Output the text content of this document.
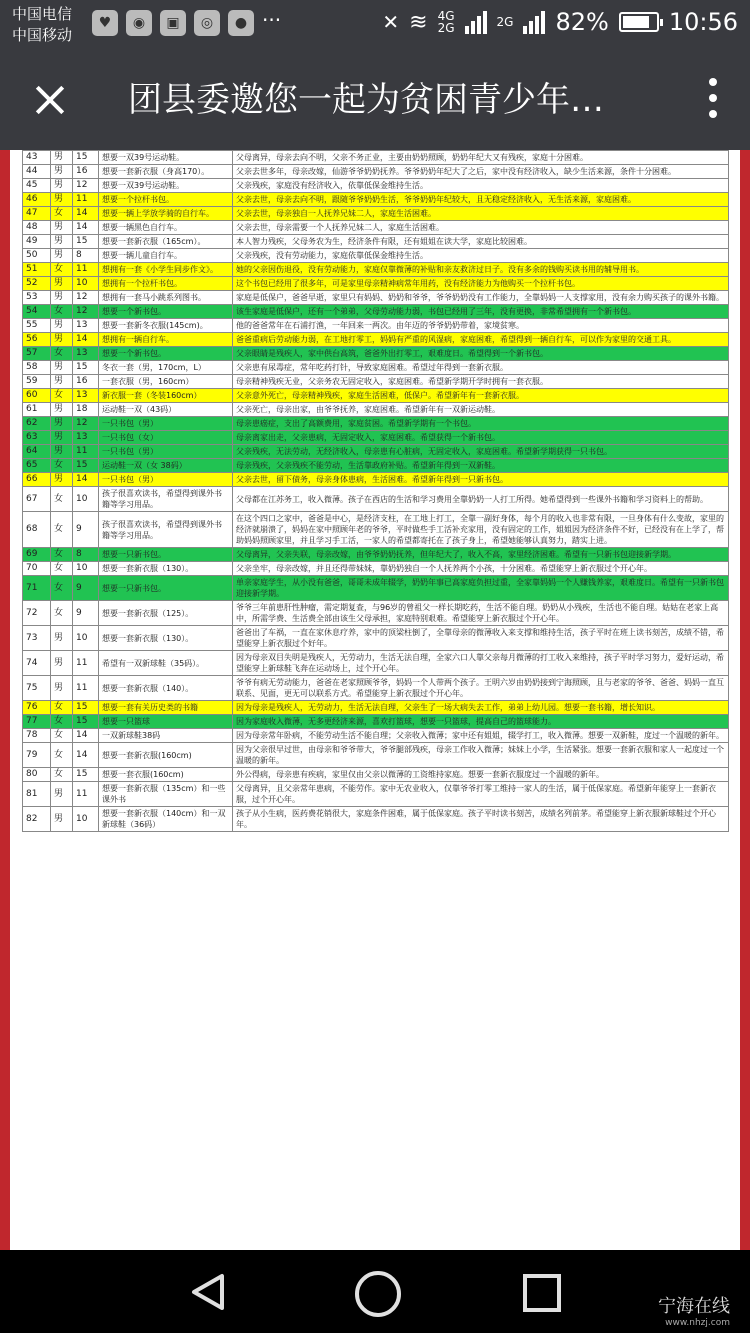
中国电信
中国移动
♥	◉	▣	◎	● ···	✕ ≋ 4G
2G	2G 82%	10:56
团县委邀您一起为贫困青少年…
43	男	15	想要一双39号运动鞋。	父母离异，母亲去向不明，父亲不务正业，主要由奶奶照顾，奶奶年纪大又有残疾，家庭十分困难。
44	男	16	想要一套新衣服（身高170）。	父亲去世多年，母亲改嫁，仙游爷爷奶奶抚养。爷爷奶奶年纪大了之后，家中没有经济收入，缺少生活来源，条件十分困难。
45	男	12	想要一双39号运动鞋。	父亲残疾，家庭没有经济收入，依靠低保金维持生活。
46	男	11	想要一个拉杆书包。	父亲去世，母亲去向不明，跟随爷爷奶奶生活，爷爷奶奶年纪较大，且无稳定经济收入，无生活来源，家庭困难。
47	女	14	想要一辆上学放学骑的自行车。	父亲去世，母亲独自一人抚养兄妹二人，家庭生活困难。
48	男	14	想要一辆黑色自行车。	父亲去世，母亲需要一个人抚养兄妹二人，家庭生活困难。
49	男	15	想要一套新衣服（165cm）。	本人智力残疾，父母务农为生，经济条件有限，还有姐姐在读大学，家庭比较困难。
50	男	8	想要一辆儿童自行车。	父亲残疾，没有劳动能力，家庭依靠低保金维持生活。
51	女	11	想拥有一套《小学生同步作文》。	她的父亲因伤退役，没有劳动能力，家庭仅靠微薄的补贴和亲友救济过日子。没有多余的钱购买读书用的辅导用书。
52	男	10	想拥有一个拉杆书包。	这个书包已经用了很多年，可是家里母亲精神病常年用药，没有经济能力为他购买一个拉杆书包。
53	男	12	想拥有一套马小跳系列图书。	家庭是低保户，爸爸早逝，家里只有妈妈、奶奶和爷爷，爷爷奶奶没有工作能力，全靠妈妈一人支撑家用，没有余力购买孩子的课外书籍。
54	女	12	想要一个新书包。	该生家庭是低保户，还有一个弟弟，父母劳动能力弱，书包已经用了三年，没有更换，非常希望拥有一个新书包。
55	男	13	想要一套新冬衣服(145cm)。	他的爸爸常年在石浦打渔，一年回来一两次。由年迈的爷爷奶奶带着，家境贫寒。
56	男	14	想拥有一辆自行车。	爸爸重病后劳动能力弱，在工地打零工，妈妈有严重的风湿病，家庭困难，希望得到一辆自行车，可以作为家里的交通工具。
57	女	13	想要一个新书包。	父亲眼睛是残疾人，家中供台高筑，爸爸外出打零工，艰难度日。希望得到一个新书包。
58	男	15	冬衣一套（男，170cm，L）	父亲患有尿毒症，常年吃药打针，导致家庭困难。希望过年得到一套新衣服。
59	男	16	一套衣服（男，160cm）	母亲精神残疾无业，父亲务农无固定收入，家庭困难。希望新学期开学时拥有一套衣服。
60	女	13	新衣服一套（冬装160cm）	父亲意外死亡，母亲精神残疾，家庭生活困难，低保户。希望新年有一套新衣服。
61	男	18	运动鞋一双（43码）	父亲死亡，母亲出家，由爷爷抚养，家庭困难。希望新年有一双新运动鞋。
62	男	12	一只书包（男）	母亲患癌症，支出了高额费用，家庭贫困。希望新学期有一个书包。
63	男	13	一只书包（女）	母亲离家出走，父亲患病，无固定收入，家庭困难。希望获得一个新书包。
64	男	11	一只书包（男）	父亲残疾，无法劳动，无经济收入，母亲患有心脏病，无固定收入，家庭困难。希望新学期获得一只书包。
65	女	15	运动鞋一双（女 38码）	母亲残疾，父亲残疾不能劳动，生活靠政府补贴。希望新年得到一双新鞋。
66	男	14	一只书包（男）	父亲去世，留下债务，母亲身体患病，生活困难。希望新年得到一只新书包。
67	女	10	孩子很喜欢读书，希望得到课外书籍等学习用品。	父母都在江苏务工，收入微薄。孩子在西店的生活和学习费用全靠奶奶一人打工所得。她希望得到一些课外书籍和学习资料上的帮助。
68	女	9	孩子很喜欢读书，希望得到课外书籍等学习用品。	在这个四口之家中，爸爸是中心，是经济支柱，在工地上打工，全靠一副好身体，每个月的收入也非常有限，一旦身体有什么变故，家里的经济就崩溃了，妈妈在家中照顾年老的爷爷，平时做些手工活补充家用，没有固定的工作，姐姐因为经济条件不好，已经没有在上学了，帮助妈妈照顾家里，并且学习手工活，一家人的希望都寄托在了孩子身上，希望她能够认真努力，踏实上进。
69	女	8	想要一只新书包。	父母离异，父亲失联，母亲改嫁，由爷爷奶奶抚养，但年纪大了，收入不高，家里经济困难。希望有一只新书包迎接新学期。
70	女	10	想要一套新衣服（130）。	父亲坐牢，母亲改嫁，并且还得带妹妹，靠奶奶独自一个人抚养两个小孩，十分困难。希望能穿上新衣服过个开心年。
71	女	9	想要一只新书包。	单亲家庭学生，从小没有爸爸，哥哥未成年辍学，奶奶年事已高家庭负担过重，全家靠妈妈一个人赚钱养家，艰难度日。希望有一只新书包迎接新学期。
72	女	9	想要一套新衣服（125）。	爷爷三年前患肝性肿瘤，需定期复查，与96岁的曾祖父一样长期吃药，生活不能自理。奶奶从小残疾，生活也不能自理。姑姑在老家上高中，所需学费、生活费全部由该生父母承担，家庭特别艰难。希望能穿上新衣服过个开心年。
73	男	10	想要一套新衣服（130）。	爸爸出了车祸，一直在家休息疗养，家中的顶梁柱倒了，全靠母亲的微薄收入来支撑和维持生活，孩子平时在班上读书刻苦，成绩不错，希望能穿上新衣服过个好年。
74	男	11	希望有一双新球鞋（35码）。	因为母亲双目失明是残疾人，无劳动力，生活无法自理，全家六口人靠父亲每月微薄的打工收入来维持，孩子平时学习努力，爱好运动，希望能穿上新球鞋飞奔在运动场上，过个开心年。
75	男	11	想要一套新衣服（140）。	爷爷有病无劳动能力，爸爸在老家照顾爷爷，妈妈一个人带两个孩子。王明六岁由奶奶接到宁海照顾，且与老家的爷爷、爸爸、妈妈一直互联系、见面，更无可以联系方式。希望能穿上新衣服过个开心年。
76	女	15	想要一套有关历史类的书籍	因为母亲是残疾人，无劳动力，生活无法自理，父亲生了一场大病失去工作，弟弟上幼儿园。想要一套书籍，增长知识。
77	女	15	想要一只篮球	因为家庭收入微薄，无多更经济来源，喜欢打篮球，想要一只篮球，提高自己的篮球能力。
78	女	14	一双新球鞋38码	因为母亲常年卧病，不能劳动生活不能自理；父亲收入微薄；家中还有姐姐，辍学打工，收入微薄。想要一双新鞋，度过一个温暖的新年。
79	女	14	想要一套新衣服(160cm)	因为父亲很早过世，由母亲和爷爷带大，爷爷腿部残疾，母亲工作收入微薄；妹妹上小学，生活紧张。想要一套新衣服和家人一起度过一个温暖的新年。
80	女	15	想要一套衣服(160cm)	外公得病，母亲患有疾病，家里仅由父亲以微薄的工资维持家庭。想要一套新衣服度过一个温暖的新年。
81	男	11	想要一套新衣服（135cm）和一些课外书	父母离异，且父亲常年患病，不能劳作。家中无农业收入，仅靠爷爷打零工维持一家人的生活，属于低保家庭。希望新年能穿上一套新衣服，过个开心年。
82	男	10	想要一套新衣服（140cm）和一双新球鞋（36码）	孩子从小生病，医药费花销很大，家庭条件困难，属于低保家庭。孩子平时读书刻苦，成绩名列前茅。希望能穿上新衣服新球鞋过个开心年。
宁海在线
www.nhzj.com
